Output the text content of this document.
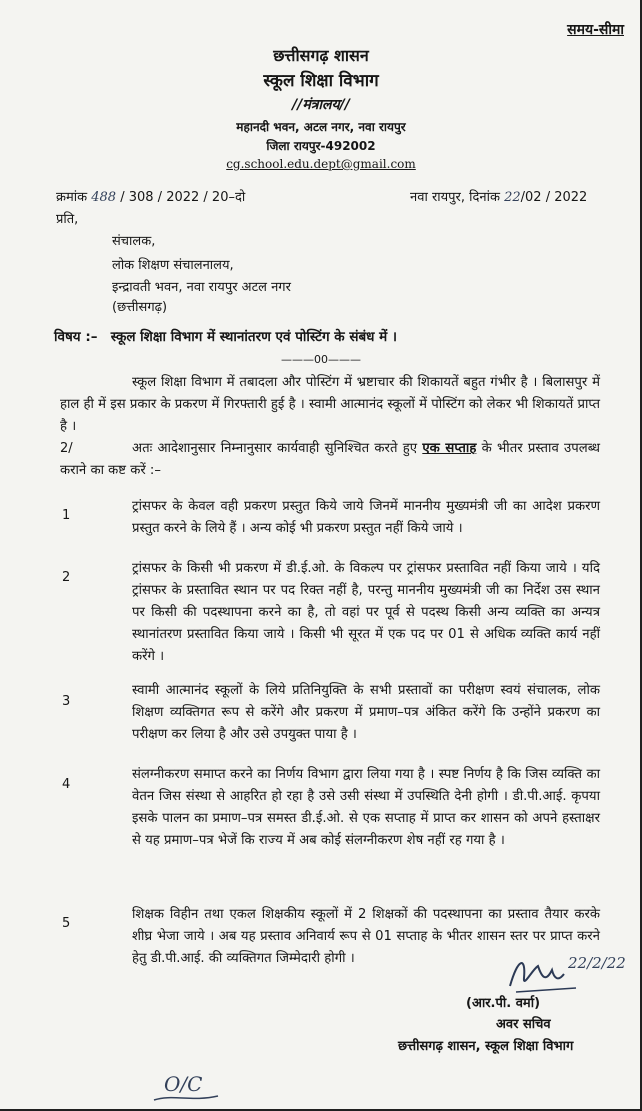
समय-सीमा
छत्तीसगढ़ शासन
स्कूल शिक्षा विभाग
//मंत्रालय//
महानदी भवन, अटल नगर, नवा रायपुर
जिला रायपुर-492002
cg.school.edu.dept@gmail.com
क्रमांक 488 / 308 / 2022 / 20–दो	नवा रायपुर, दिनांक 22/02 / 2022
प्रति,
संचालक,
लोक शिक्षण संचालनालय,
इन्द्रावती भवन, नवा रायपुर अटल नगर
(छत्तीसगढ़)
विषय :– स्कूल शिक्षा विभाग में स्थानांतरण एवं पोस्टिंग के संबंध में ।
———00———
स्कूल शिक्षा विभाग में तबादला और पोस्टिंग में भ्रष्टाचार की शिकायतें बहुत गंभीर है । बिलासपुर में हाल ही में इस प्रकार के प्रकरण में गिरफ्तारी हुई है । स्वामी आत्मानंद स्कूलों में पोस्टिंग को लेकर भी शिकायतें प्राप्त है ।
2/	अतः आदेशानुसार निम्नानुसार कार्यवाही सुनिश्चित करते हुए एक सप्ताह के भीतर प्रस्ताव उपलब्ध कराने का कष्ट करें :–
1
ट्रांसफर के केवल वही प्रकरण प्रस्तुत किये जाये जिनमें माननीय मुख्यमंत्री जी का आदेश प्रकरण प्रस्तुत करने के लिये हैं । अन्य कोई भी प्रकरण प्रस्तुत नहीं किये जाये ।
2
ट्रांसफर के किसी भी प्रकरण में डी.ई.ओ. के विकल्प पर ट्रांसफर प्रस्तावित नहीं किया जाये । यदि ट्रांसफर के प्रस्तावित स्थान पर पद रिक्त नहीं है, परन्तु माननीय मुख्यमंत्री जी का निर्देश उस स्थान पर किसी की पदस्थापना करने का है, तो वहां पर पूर्व से पदस्थ किसी अन्य व्यक्ति का अन्यत्र स्थानांतरण प्रस्तावित किया जाये । किसी भी सूरत में एक पद पर 01 से अधिक व्यक्ति कार्य नहीं करेंगे ।
3
स्वामी आत्मानंद स्कूलों के लिये प्रतिनियुक्ति के सभी प्रस्तावों का परीक्षण स्वयं संचालक, लोक शिक्षण व्यक्तिगत रूप से करेंगे और प्रकरण में प्रमाण–पत्र अंकित करेंगे कि उन्होंने प्रकरण का परीक्षण कर लिया है और उसे उपयुक्त पाया है ।
4
संलग्नीकरण समाप्त करने का निर्णय विभाग द्वारा लिया गया है । स्पष्ट निर्णय है कि जिस व्यक्ति का वेतन जिस संस्था से आहरित हो रहा है उसे उसी संस्था में उपस्थिति देनी होगी । डी.पी.आई. कृपया इसके पालन का प्रमाण–पत्र समस्त डी.ई.ओ. से एक सप्ताह में प्राप्त कर शासन को अपने हस्ताक्षर से यह प्रमाण–पत्र भेजें कि राज्य में अब कोई संलग्नीकरण शेष नहीं रह गया है ।
5
शिक्षक विहीन तथा एकल शिक्षकीय स्कूलों में 2 शिक्षकों की पदस्थापना का प्रस्ताव तैयार करके शीघ्र भेजा जाये । अब यह प्रस्ताव अनिवार्य रूप से 01 सप्ताह के भीतर शासन स्तर पर प्राप्त करने हेतु डी.पी.आई. की व्यक्तिगत जिम्मेदारी होगी ।	22/2/22
(आर.पी. वर्मा)
अवर सचिव
छत्तीसगढ़ शासन, स्कूल शिक्षा विभाग
O/C
